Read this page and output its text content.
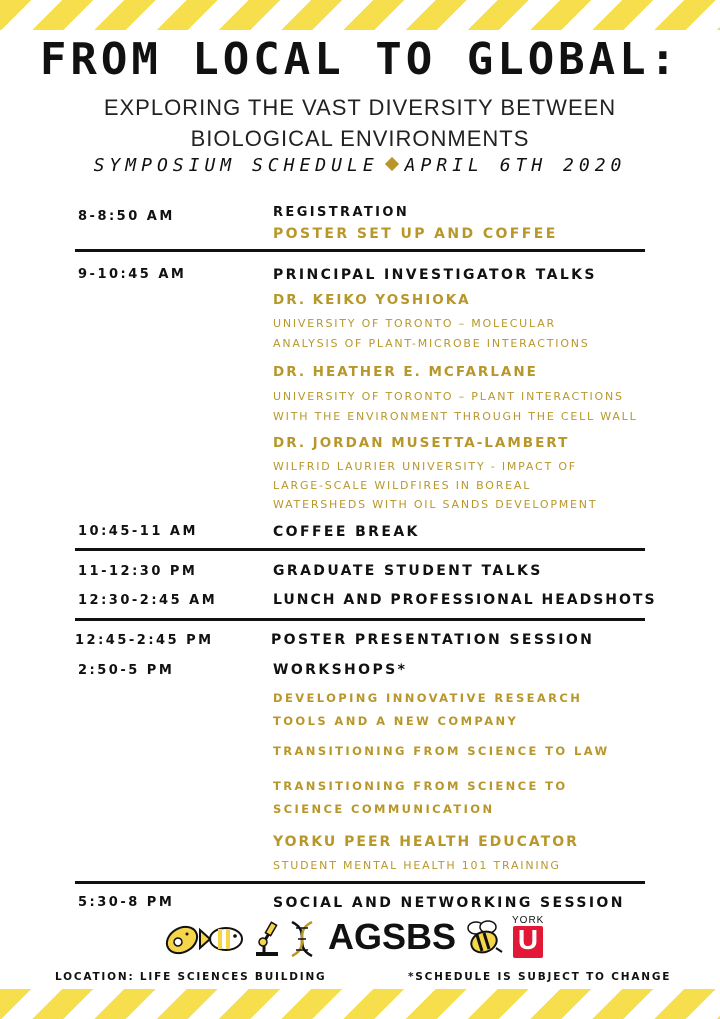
FROM LOCAL TO GLOBAL:
EXPLORING THE VAST DIVERSITY BETWEEN
BIOLOGICAL ENVIRONMENTS
SYMPOSIUM SCHEDULE APRIL 6TH 2020
8-8:50 AM	REGISTRATION
POSTER SET UP AND COFFEE
9-10:45 AM	PRINCIPAL INVESTIGATOR TALKS
DR. KEIKO YOSHIOKA
UNIVERSITY OF TORONTO – MOLECULAR
ANALYSIS OF PLANT-MICROBE INTERACTIONS
DR. HEATHER E. MCFARLANE
UNIVERSITY OF TORONTO – PLANT INTERACTIONS
WITH THE ENVIRONMENT THROUGH THE CELL WALL
DR. JORDAN MUSETTA-LAMBERT
WILFRID LAURIER UNIVERSITY - IMPACT OF
LARGE-SCALE WILDFIRES IN BOREAL
WATERSHEDS WITH OIL SANDS DEVELOPMENT
10:45-11 AM	COFFEE BREAK
11-12:30 PM	GRADUATE STUDENT TALKS
12:30-2:45 AM	LUNCH AND PROFESSIONAL HEADSHOTS
12:45-2:45 PM	POSTER PRESENTATION SESSION
2:50-5 PM	WORKSHOPS*
DEVELOPING INNOVATIVE RESEARCH
TOOLS AND A NEW COMPANY
TRANSITIONING FROM SCIENCE TO LAW
TRANSITIONING FROM SCIENCE TO
SCIENCE COMMUNICATION
YORKU PEER HEALTH EDUCATOR
STUDENT MENTAL HEALTH 101 TRAINING
5:30-8 PM	SOCIAL AND NETWORKING SESSION
AGSBS	YORK
U
LOCATION: LIFE SCIENCES BUILDING	*SCHEDULE IS SUBJECT TO CHANGE
